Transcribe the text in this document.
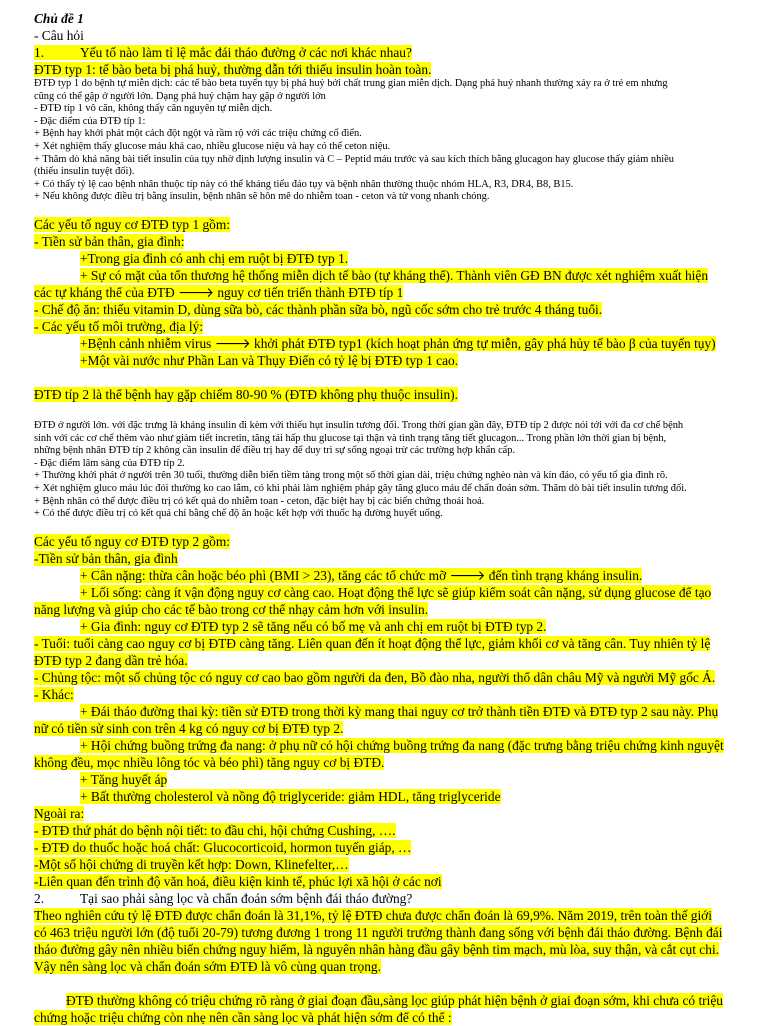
Chủ đề 1
- Câu hỏi
1.	Yếu tố nào làm tỉ lệ mắc đái tháo đường ở các nơi khác nhau?
ĐTĐ typ 1: tế bào beta bị phá huỷ, thường dẫn tới thiếu insulin hoàn toàn.
ĐTĐ typ 1 do bệnh tự miễn dịch: các tế bào beta tuyến tụy bị phá huỷ bởi chất trung gian miễn dịch. Dạng phá huỷ nhanh thường xảy ra ở trẻ em nhưng
cũng có thể gặp ở người lớn. Dạng phá huỷ chậm hay gặp ở người lớn
- ĐTĐ típ 1 vô căn, không thấy căn nguyên tự miễn dịch.
- Đặc điểm của ĐTĐ típ 1:
+ Bệnh hay khởi phát một cách đột ngột và rầm rộ với các triệu chứng cổ điển.
+ Xét nghiệm thấy glucose máu khá cao, nhiều glucose niệu và hay có thể ceton niệu.
+ Thăm dò khả năng bài tiết insulin của tụy nhờ định lượng insulin và C – Peptid máu trước và sau kích thích bằng glucagon hay glucose thấy giảm nhiều
(thiếu insulin tuyệt đối).
+ Có thấy tỷ lệ cao bệnh nhân thuộc típ này có thể kháng tiểu đảo tụy và bệnh nhân thường thuộc nhóm HLA, R3, DR4, B8, B15.
+ Nếu không được điều trị bằng insulin, bệnh nhân sẽ hôn mê do nhiễm toan - ceton và tử vong nhanh chóng.
Các yếu tố nguy cơ ĐTĐ typ 1 gồm:
- Tiền sử bản thân, gia đình:
+Trong gia đình có anh chị em ruột bị ĐTĐ typ 1.
+ Sự có mặt của tổn thương hệ thống miễn dịch tế bào (tự kháng thể). Thành viên GĐ BN được xét nghiệm xuất hiện
các tự kháng thể của ĐTĐ 🡒 nguy cơ tiến triển thành ĐTĐ típ 1
- Chế độ ăn: thiếu vitamin D, dùng sữa bò, các thành phần sữa bò, ngũ cốc sớm cho trẻ trước 4 tháng tuổi.
- Các yếu tố môi trường, địa lý:
+Bệnh cảnh nhiễm virus 🡒 khởi phát ĐTĐ typ1 (kích hoạt phản ứng tự miễn, gây phá hủy tế bào β của tuyến tụy)
+Một vài nước như Phần Lan và Thụy Điển có tỷ lệ bị ĐTĐ typ 1 cao.
ĐTĐ típ 2 là thể bệnh hay gặp chiếm 80-90 % (ĐTĐ không phụ thuộc insulin).
ĐTĐ ở người lớn. với đặc trưng là kháng insulin đi kèm với thiếu hụt insulin tương đối. Trong thời gian gần đây, ĐTĐ típ 2 được nói tới với đa cơ chế bệnh
sinh với các cơ chế thêm vào như giảm tiết incretin, tăng tái hấp thu glucose tại thận và tình trạng tăng tiết glucagon... Trong phần lớn thời gian bị bệnh,
những bệnh nhân ĐTĐ típ 2 không cần insulin để điều trị hay để duy trì sự sống ngoại trừ các trường hợp khẩn cấp.
- Đặc điểm lâm sàng của ĐTĐ típ 2.
+ Thường khởi phát ở người trên 30 tuổi, thường diễn biến tiềm tàng trong một số thời gian dài, triệu chứng nghèo nàn và kín đáo, có yếu tố gia đình rõ.
+ Xét nghiệm gluco máu lúc đói thường ko cao lắm, có khi phải làm nghiệm pháp gây tăng gluco máu để chẩn đoán sớm. Thăm dò bài tiết insulin tương đối.
+ Bệnh nhân có thể được điều trị có kết quả do nhiễm toan - ceton, đặc biệt hay bị các biến chứng thoái hoá.
+ Có thể được điều trị có kết quả chỉ bằng chế độ ăn hoặc kết hợp với thuốc hạ đường huyết uống.
Các yếu tố nguy cơ ĐTĐ typ 2 gồm:
-Tiền sử bản thân, gia đình
+ Cân nặng: thừa cân hoặc béo phì (BMI > 23), tăng các tổ chức mỡ 🡒 đến tình trạng kháng insulin.
+ Lối sống: càng ít vận động nguy cơ càng cao. Hoạt động thể lực sẽ giúp kiểm soát cân nặng, sử dụng glucose để tạo
năng lượng và giúp cho các tế bào trong cơ thể nhạy cảm hơn với insulin.
+ Gia đình: nguy cơ ĐTĐ typ 2 sẽ tăng nếu có bố mẹ và anh chị em ruột bị ĐTĐ typ 2.
- Tuổi: tuổi càng cao nguy cơ bị ĐTĐ càng tăng. Liên quan đến ít hoạt động thể lực, giảm khối cơ và tăng cân. Tuy nhiên tỷ lệ
ĐTĐ typ 2 đang dần trẻ hóa.
- Chủng tộc: một số chủng tộc có nguy cơ cao bao gồm người da đen, Bồ đào nha, người thổ dân châu Mỹ và người Mỹ gốc Á.
- Khác:
+ Đái tháo đường thai kỳ: tiền sử ĐTĐ trong thời kỳ mang thai nguy cơ trở thành tiền ĐTĐ và ĐTĐ typ 2 sau này. Phụ
nữ có tiền sử sinh con trên 4 kg có nguy cơ bị ĐTĐ typ 2.
+ Hội chứng buồng trứng đa nang: ở phụ nữ có hội chứng buồng trứng đa nang (đặc trưng bằng triệu chứng kinh nguyệt
không đều, mọc nhiều lông tóc và béo phì) tăng nguy cơ bị ĐTĐ.
+ Tăng huyết áp
+ Bất thường cholesterol và nồng độ triglyceride: giảm HDL, tăng triglyceride
Ngoài ra:
- ĐTĐ thứ phát do bệnh nội tiết: to đầu chi, hội chứng Cushing, ….
- ĐTĐ do thuốc hoặc hoá chất: Glucocorticoid, hormon tuyến giáp, …
-Một số hội chứng di truyền kết hợp: Down, Klinefelter,…
-Liên quan đến trình độ văn hoá, điều kiện kinh tế, phúc lợi xã hội ở các nơi
2.	Tại sao phải sàng lọc và chẩn đoán sớm bệnh đái tháo đường?
Theo nghiên cứu tỷ lệ ĐTĐ được chẩn đoán là 31,1%, tỷ lệ ĐTĐ chưa được chẩn đoán là 69,9%. Năm 2019, trên toàn thế giới
có 463 triệu người lớn (độ tuổi 20-79) tương đương 1 trong 11 người trưởng thành đang sống với bệnh đái tháo đường. Bệnh đái
tháo đường gây nên nhiều biến chứng nguy hiểm, là nguyên nhân hàng đầu gây bệnh tim mạch, mù lòa, suy thận, và cắt cụt chi.
Vậy nên sàng lọc và chẩn đoán sớm ĐTĐ là vô cùng quan trọng.
ĐTĐ thường không có triệu chứng rõ ràng ở giai đoạn đầu,sàng lọc giúp phát hiện bệnh ở giai đoạn sớm, khi chưa có triệu
chứng hoặc triệu chứng còn nhẹ nên cần sàng lọc và phát hiện sớm để có thể :
